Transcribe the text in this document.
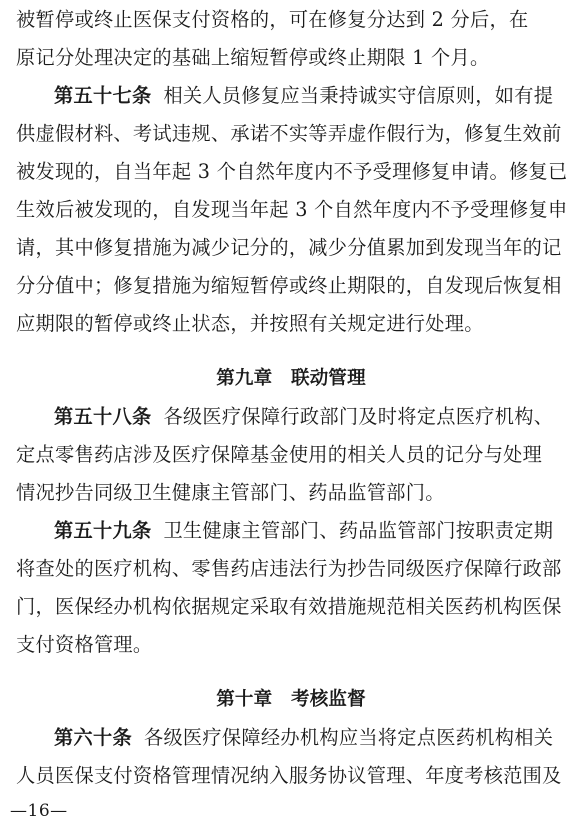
被暂停或终止医保支付资格的，可在修复分达到 2 分后，在
原记分处理决定的基础上缩短暂停或终止期限 1 个月。
第五十七条 相关人员修复应当秉持诚实守信原则，如有提
供虚假材料、考试违规、承诺不实等弄虚作假行为，修复生效前
被发现的，自当年起 3 个自然年度内不予受理修复申请。修复已
生效后被发现的，自发现当年起 3 个自然年度内不予受理修复申
请，其中修复措施为减少记分的，减少分值累加到发现当年的记
分分值中；修复措施为缩短暂停或终止期限的，自发现后恢复相
应期限的暂停或终止状态，并按照有关规定进行处理。
第九章　联动管理
第五十八条 各级医疗保障行政部门及时将定点医疗机构、
定点零售药店涉及医疗保障基金使用的相关人员的记分与处理
情况抄告同级卫生健康主管部门、药品监管部门。
第五十九条 卫生健康主管部门、药品监管部门按职责定期
将查处的医疗机构、零售药店违法行为抄告同级医疗保障行政部
门，医保经办机构依据规定采取有效措施规范相关医药机构医保
支付资格管理。
第十章　考核监督
第六十条 各级医疗保障经办机构应当将定点医药机构相关
人员医保支付资格管理情况纳入服务协议管理、年度考核范围及
—16—
